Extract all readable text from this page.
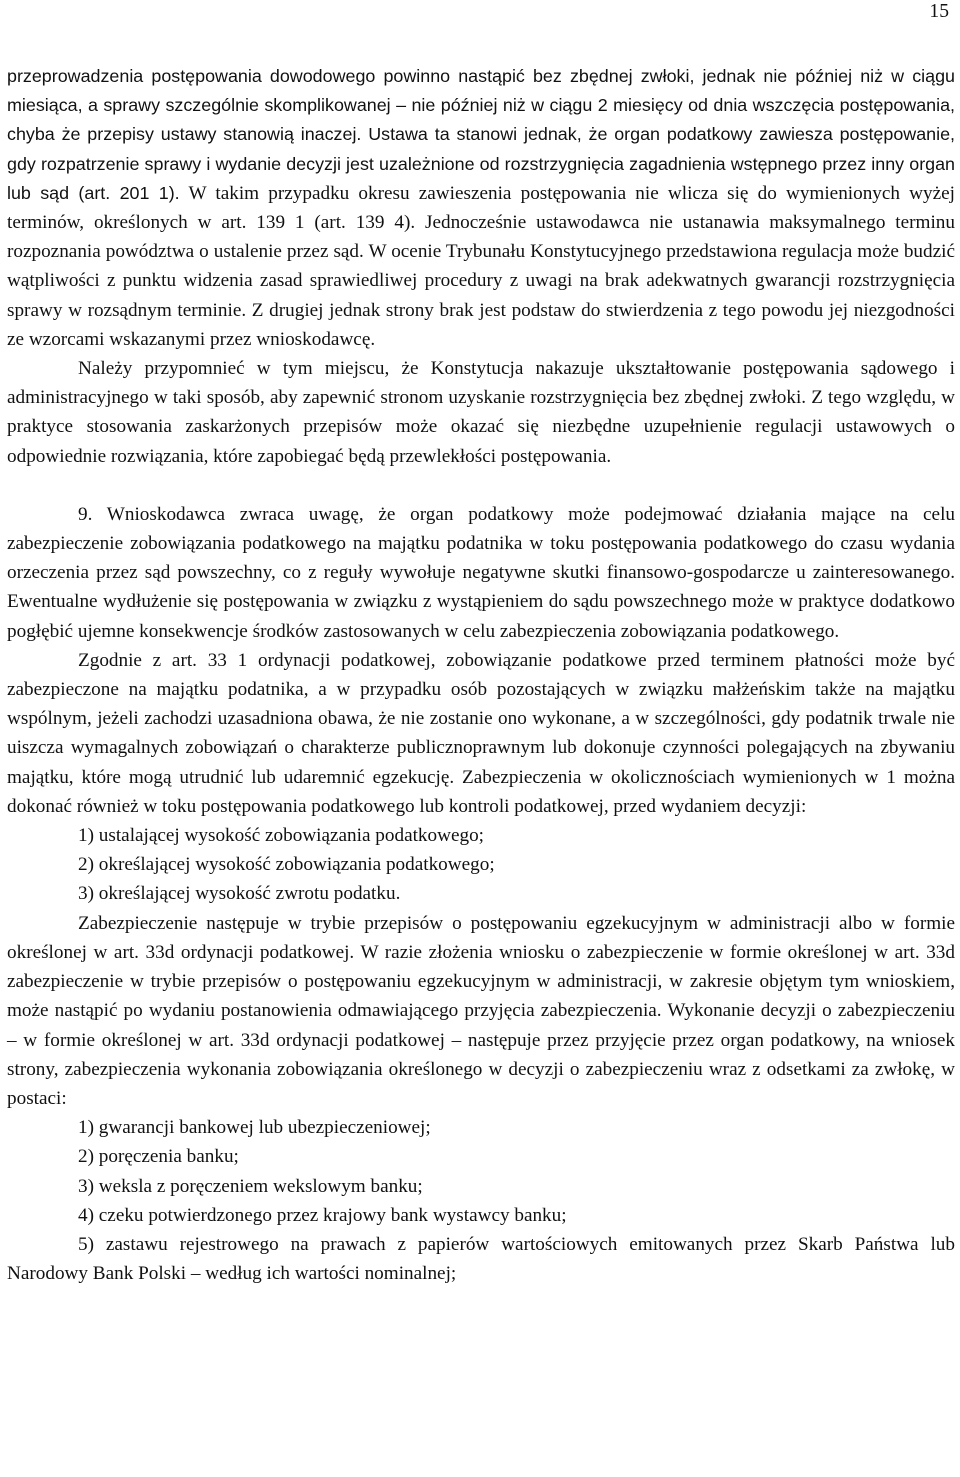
15

przeprowadzenia postępowania dowodowego powinno nastąpić bez zbędnej zwłoki, jednak nie później niż w ciągu miesiąca, a sprawy szczególnie skomplikowanej – nie później niż w ciągu 2 miesięcy od dnia wszczęcia postępowania, chyba że przepisy ustawy stanowią inaczej. Ustawa ta stanowi jednak, że organ podatkowy zawiesza postępowanie, gdy rozpatrzenie sprawy i wydanie decyzji jest uzależnione od rozstrzygnięcia zagadnienia wstępnego przez inny organ lub sąd (art. 201 1). W takim przypadku okresu zawieszenia postępowania nie wlicza się do wymienionych wyżej terminów, określonych w art. 139 1 (art. 139 4). Jednocześnie ustawodawca nie ustanawia maksymalnego terminu rozpoznania powództwa o ustalenie przez sąd. W ocenie Trybunału Konstytucyjnego przedstawiona regulacja może budzić wątpliwości z punktu widzenia zasad sprawiedliwej procedury z uwagi na brak adekwatnych gwarancji rozstrzygnięcia sprawy w rozsądnym terminie. Z drugiej jednak strony brak jest podstaw do stwierdzenia z tego powodu jej niezgodności ze wzorcami wskazanymi przez wnioskodawcę.

Należy przypomnieć w tym miejscu, że Konstytucja nakazuje ukształtowanie postępowania sądowego i administracyjnego w taki sposób, aby zapewnić stronom uzyskanie rozstrzygnięcia bez zbędnej zwłoki. Z tego względu, w praktyce stosowania zaskarżonych przepisów może okazać się niezbędne uzupełnienie regulacji ustawowych o odpowiednie rozwiązania, które zapobiegać będą przewlekłości postępowania.

9. Wnioskodawca zwraca uwagę, że organ podatkowy może podejmować działania mające na celu zabezpieczenie zobowiązania podatkowego na majątku podatnika w toku postępowania podatkowego do czasu wydania orzeczenia przez sąd powszechny, co z reguły wywołuje negatywne skutki finansowo-gospodarcze u zainteresowanego. Ewentualne wydłużenie się postępowania w związku z wystąpieniem do sądu powszechnego może w praktyce dodatkowo pogłębić ujemne konsekwencje środków zastosowanych w celu zabezpieczenia zobowiązania podatkowego.

Zgodnie z art. 33 1 ordynacji podatkowej, zobowiązanie podatkowe przed terminem płatności może być zabezpieczone na majątku podatnika, a w przypadku osób pozostających w związku małżeńskim także na majątku wspólnym, jeżeli zachodzi uzasadniona obawa, że nie zostanie ono wykonane, a w szczególności, gdy podatnik trwale nie uiszcza wymagalnych zobowiązań o charakterze publicznoprawnym lub dokonuje czynności polegających na zbywaniu majątku, które mogą utrudnić lub udaremnić egzekucję. Zabezpieczenia w okolicznościach wymienionych w 1 można dokonać również w toku postępowania podatkowego lub kontroli podatkowej, przed wydaniem decyzji:

1) ustalającej wysokość zobowiązania podatkowego;

2) określającej wysokość zobowiązania podatkowego;

3) określającej wysokość zwrotu podatku.

Zabezpieczenie następuje w trybie przepisów o postępowaniu egzekucyjnym w administracji albo w formie określonej w art. 33d ordynacji podatkowej. W razie złożenia wniosku o zabezpieczenie w formie określonej w art. 33d zabezpieczenie w trybie przepisów o postępowaniu egzekucyjnym w administracji, w zakresie objętym tym wnioskiem, może nastąpić po wydaniu postanowienia odmawiającego przyjęcia zabezpieczenia. Wykonanie decyzji o zabezpieczeniu – w formie określonej w art. 33d ordynacji podatkowej – następuje przez przyjęcie przez organ podatkowy, na wniosek strony, zabezpieczenia wykonania zobowiązania określonego w decyzji o zabezpieczeniu wraz z odsetkami za zwłokę, w postaci:

1) gwarancji bankowej lub ubezpieczeniowej;

2) poręczenia banku;

3) weksla z poręczeniem wekslowym banku;

4) czeku potwierdzonego przez krajowy bank wystawcy banku;

5) zastawu rejestrowego na prawach z papierów wartościowych emitowanych przez Skarb Państwa lub Narodowy Bank Polski – według ich wartości nominalnej;
